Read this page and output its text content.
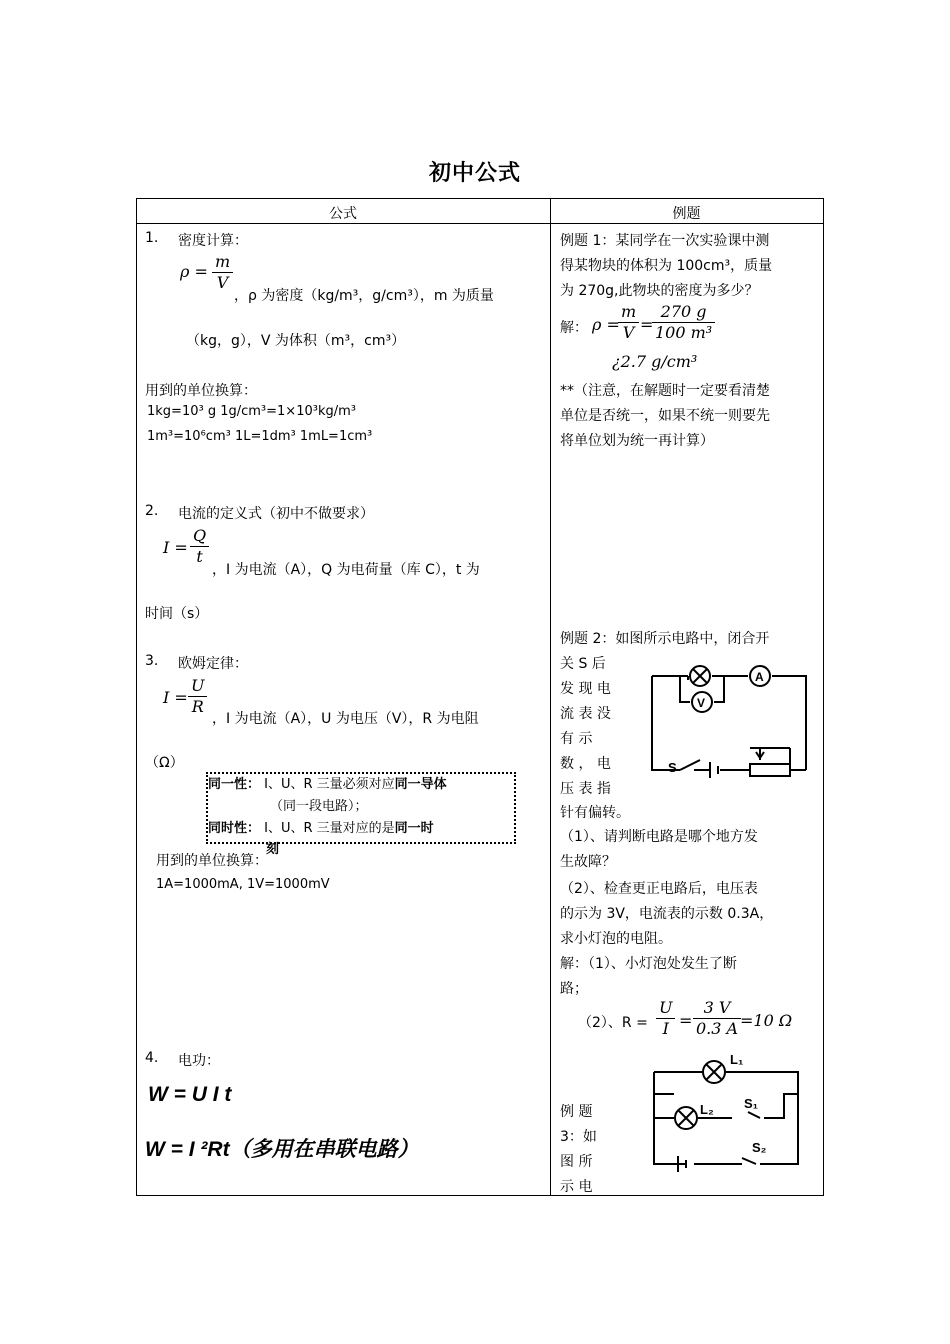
初中公式
公式	例题
1. 密度计算：
$\rho = \frac{m}{V}$
，ρ 为密度（kg/m³，g/cm³），m 为质量
（kg，g），V 为体积（m³，cm³）
用到的单位换算：
1kg=10³ g 1g/cm³=1×10³kg/m³
1m³=10⁶cm³ 1L=1dm³ 1mL=1cm³
2. 电流的定义式（初中不做要求）
$I = \frac{Q}{t}$
，I 为电流（A），Q 为电荷量（库 C），t 为
时间（s）
3. 欧姆定律：
$I = \frac{U}{R}$
，I 为电流（A），U 为电压（V），R 为电阻
（Ω）
同一性： I、U、R 三量必须对应同一导体
（同一段电路）；
同时性： I、U、R 三量对应的是同一时
刻
用到的单位换算：
1A=1000mA, 1V=1000mV
4. 电功：
W = U I t
W = I ²Rt（多用在串联电路）
例题 1：某同学在一次实验课中测
得某物块的体积为 100cm³，质量
为 270g,此物块的密度为多少？
解： ρ =
$\frac{m}{V}$ =
$\frac{270 g}{\text{100 m³}}$
¿2.7 g/cm³
**（注意，在解题时一定要看清楚
单位是否统一，如果不统一则要先
将单位划为统一再计算）
例题 2：如图所示电路中，闭合开
关 S 后
发 现 电
流 表 没
有 示
数 ， 电
压 表 指
针有偏转。
（1）、请判断电路是哪个地方发
生故障？
（2）、检查更正电路后，电压表
的示为 3V，电流表的示数 0.3A，
求小灯泡的电阻。
解：（1）、小灯泡处发生了断
路；
（2）、$R = \frac{U}{I} = \frac{3 V}{0.3 A}$
=10 Ω
A
V
S
例 题
3：如
图 所
示 电
L₁
L₂ S₁
S₂
